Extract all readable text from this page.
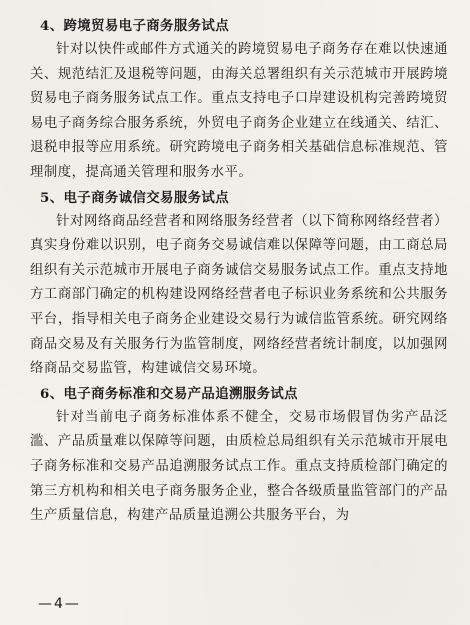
4、跨境贸易电子商务服务试点

针对以快件或邮件方式通关的跨境贸易电子商务存在难以快速通关、规范结汇及退税等问题，由海关总署组织有关示范城市开展跨境贸易电子商务服务试点工作。重点支持电子口岸建设机构完善跨境贸易电子商务综合服务系统，外贸电子商务企业建立在线通关、结汇、退税申报等应用系统。研究跨境电子商务相关基础信息标准规范、管理制度，提高通关管理和服务水平。

5、电子商务诚信交易服务试点

针对网络商品经营者和网络服务经营者（以下简称网络经营者）真实身份难以识别，电子商务交易诚信难以保障等问题，由工商总局组织有关示范城市开展电子商务诚信交易服务试点工作。重点支持地方工商部门确定的机构建设网络经营者电子标识业务系统和公共服务平台，指导相关电子商务企业建设交易行为诚信监管系统。研究网络商品交易及有关服务行为监管制度，网络经营者统计制度，以加强网络商品交易监管，构建诚信交易环境。

6、电子商务标准和交易产品追溯服务试点

针对当前电子商务标准体系不健全，交易市场假冒伪劣产品泛滥、产品质量难以保障等问题，由质检总局组织有关示范城市开展电子商务标准和交易产品追溯服务试点工作。重点支持质检部门确定的第三方机构和相关电子商务服务企业，整合各级质量监管部门的产品生产质量信息，构建产品质量追溯公共服务平台，为

—4—
